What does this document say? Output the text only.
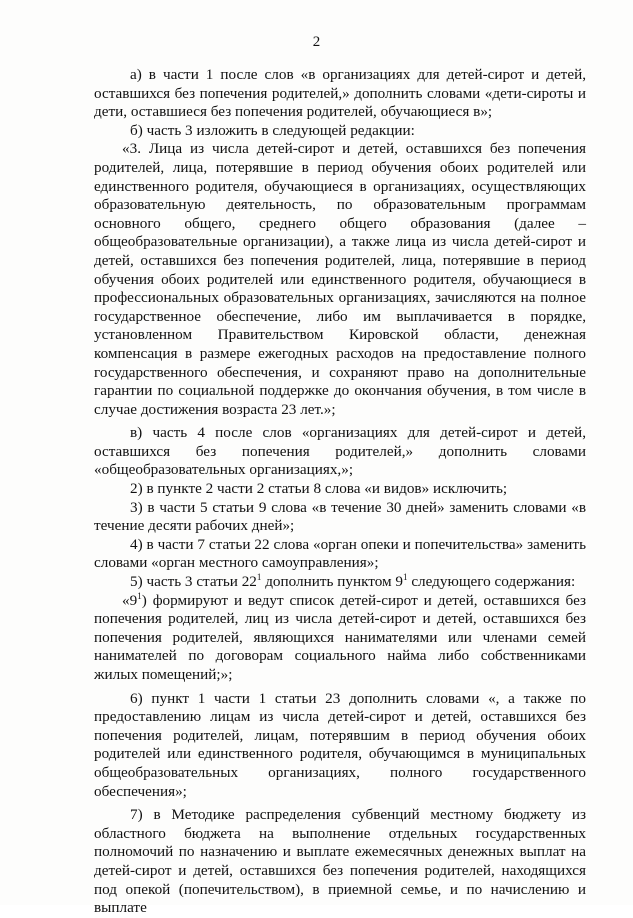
2

а) в части 1 после слов «в организациях для детей-сирот и детей, оставшихся без попечения родителей,» дополнить словами «дети-сироты и дети, оставшиеся без попечения родителей, обучающиеся в»;

б) часть 3 изложить в следующей редакции:

«3. Лица из числа детей-сирот и детей, оставшихся без попечения родителей, лица, потерявшие в период обучения обоих родителей или единственного родителя, обучающиеся в организациях, осуществляющих образовательную деятельность, по образовательным программам основного общего, среднего общего образования (далее – общеобразовательные организации), а также лица из числа детей-сирот и детей, оставшихся без попечения родителей, лица, потерявшие в период обучения обоих родителей или единственного родителя, обучающиеся в профессиональных образовательных организациях, зачисляются на полное государственное обеспечение, либо им выплачивается в порядке, установленном Правительством Кировской области, денежная компенсация в размере ежегодных расходов на предоставление полного государственного обеспечения, и сохраняют право на дополнительные гарантии по социальной поддержке до окончания обучения, в том числе в случае достижения возраста 23 лет.»;

в) часть 4 после слов «организациях для детей-сирот и детей, оставшихся без попечения родителей,» дополнить словами «общеобразовательных организациях,»;

2) в пункте 2 части 2 статьи 8 слова «и видов» исключить;

3) в части 5 статьи 9 слова «в течение 30 дней» заменить словами «в течение десяти рабочих дней»;

4) в части 7 статьи 22 слова «орган опеки и попечительства» заменить словами «орган местного самоуправления»;

5) часть 3 статьи $22^1$ дополнить пунктом $9^1$ следующего содержания:

«$9^1$) формируют и ведут список детей-сирот и детей, оставшихся без попечения родителей, лиц из числа детей-сирот и детей, оставшихся без попечения родителей, являющихся нанимателями или членами семей нанимателей по договорам социального найма либо собственниками жилых помещений;»;

6) пункт 1 части 1 статьи 23 дополнить словами «, а также по предоставлению лицам из числа детей-сирот и детей, оставшихся без попечения родителей, лицам, потерявшим в период обучения обоих родителей или единственного родителя, обучающимся в муниципальных общеобразовательных организациях, полного государственного обеспечения»;

7) в Методике распределения субвенций местному бюджету из областного бюджета на выполнение отдельных государственных полномочий по назначению и выплате ежемесячных денежных выплат на детей-сирот и детей, оставшихся без попечения родителей, находящихся под опекой (попечительством), в приемной семье, и по начислению и выплате
